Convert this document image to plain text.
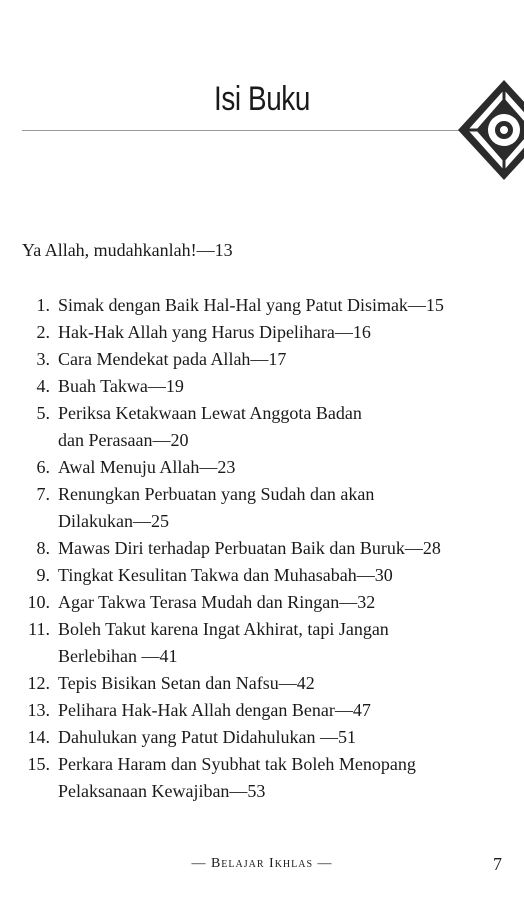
Isi Buku
Ya Allah, mudahkanlah!—13
1. Simak dengan Baik Hal-Hal yang Patut Disimak—15
2. Hak-Hak Allah yang Harus Dipelihara—16
3. Cara Mendekat pada Allah—17
4. Buah Takwa—19
5. Periksa Ketakwaan Lewat Anggota Badan
dan Perasaan—20
6. Awal Menuju Allah—23
7. Renungkan Perbuatan yang Sudah dan akan
Dilakukan—25
8. Mawas Diri terhadap Perbuatan Baik dan Buruk—28
9. Tingkat Kesulitan Takwa dan Muhasabah—30
10. Agar Takwa Terasa Mudah dan Ringan—32
11. Boleh Takut karena Ingat Akhirat, tapi Jangan
Berlebihan —41
12. Tepis Bisikan Setan dan Nafsu—42
13. Pelihara Hak-Hak Allah dengan Benar—47
14. Dahulukan yang Patut Didahulukan —51
15. Perkara Haram dan Syubhat tak Boleh Menopang
Pelaksanaan Kewajiban—53
— Belajar Ikhlas —	7
